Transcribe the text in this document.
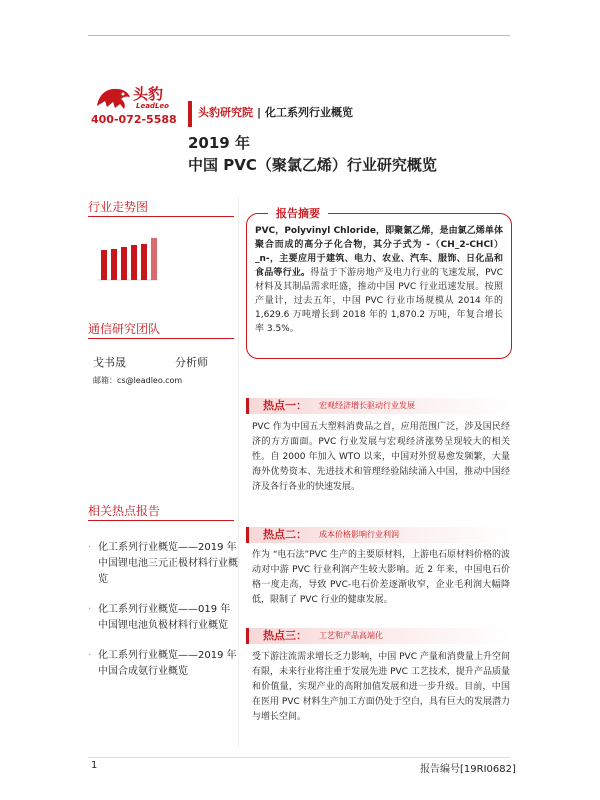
头豹
LeadLeo
400-072-5588
头豹研究院 | 化工系列行业概览
2019 年
中国 PVC（聚氯乙烯）行业研究概览
行业走势图
通信研究团队
戈书晟	分析师
邮箱：cs@leadleo.com
相关热点报告
· 化工系列行业概览——2019 年中国锂电池三元正极材料行业概览
· 化工系列行业概览——019 年中国锂电池负极材料行业概览
· 化工系列行业概览——2019 年中国合成氨行业概览
PVC，Polyvinyl Chloride，即聚氯乙烯，是由氯乙烯单体聚合而成的高分子化合物，其分子式为 -（CH_2-CHCl）_n-，主要应用于建筑、电力、农业、汽车、服饰、日化品和食品等行业。得益于下游房地产及电力行业的飞速发展，PVC 材料及其制品需求旺盛，推动中国 PVC 行业迅速发展。按照产量计，过去五年，中国 PVC 行业市场规模从 2014 年的 1,629.6 万吨增长到 2018 年的 1,870.2 万吨，年复合增长率 3.5%。
报告摘要
热点一： 宏观经济增长驱动行业发展
PVC 作为中国五大塑料消费品之首，应用范围广泛，涉及国民经济的方方面面。PVC 行业发展与宏观经济涨势呈现较大的相关性。自 2000 年加入 WTO 以来，中国对外贸易愈发频繁，大量海外优势资本、先进技术和管理经验陆续涌入中国，推动中国经济及各行各业的快速发展。
热点二： 成本价格影响行业利润
作为 “电石法”PVC 生产的主要原材料，上游电石原材料价格的波动对中游 PVC 行业利润产生较大影响。近 2 年来，中国电石价格一度走高，导致 PVC-电石价差逐渐收窄，企业毛利润大幅降低，限制了 PVC 行业的健康发展。
热点三： 工艺和产品高端化
受下游注流需求增长乏力影响，中国 PVC 产量和消费量上升空间有限，未来行业将注重于发展先进 PVC 工艺技术，提升产品质量和价值量，实现产业的高附加值发展和进一步升级。目前，中国在医用 PVC 材料生产加工方面仍处于空白，具有巨大的发展潜力与增长空间。
1	报告编号[19RI0682]
